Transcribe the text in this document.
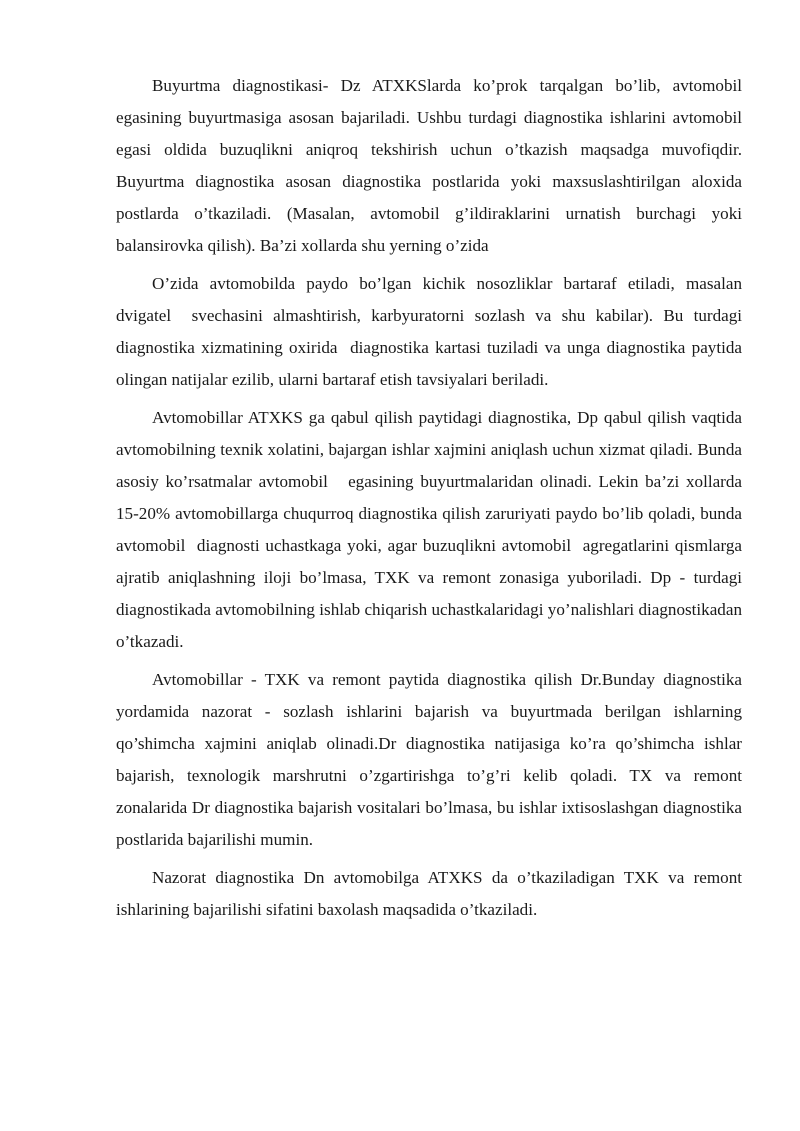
Buyurtma diagnostikasi- Dz ATXKSlarda ko’prok tarqalgan bo’lib, avtomobil  egasining buyurtmasiga asosan bajariladi. Ushbu turdagi diagnostika ishlarini avtomobil  egasi oldida buzuqlikni aniqroq tekshirish uchun o’tkazish maqsadga muvofiqdir. Buyurtma diagnostika asosan diagnostika postlarida yoki maxsuslashtirilgan aloxida postlarda o’tkaziladi. (Masalan, avtomobil g’ildiraklarini urnatish burchagi yoki balansirovka qilish). Ba’zi xollarda shu yerning o’zida

O’zida avtomobilda paydo bo’lgan kichik nosozliklar bartaraf etiladi, masalan dvigatel  svechasini almashtirish, karbyuratorni sozlash va shu kabilar). Bu turdagi diagnostika xizmatining oxirida  diagnostika kartasi tuziladi va unga diagnostika paytida olingan natijalar ezilib, ularni bartaraf etish tavsiyalari beriladi.

Avtomobillar ATXKS ga qabul qilish paytidagi diagnostika, Dp qabul qilish vaqtida avtomobilning texnik xolatini, bajargan ishlar xajmini aniqlash uchun xizmat qiladi. Bunda asosiy ko’rsatmalar avtomobil   egasining buyurtmalaridan olinadi. Lekin ba’zi xollarda 15-20% avtomobillarga chuqurroq diagnostika qilish zaruriyati paydo bo’lib qoladi, bunda avtomobil  diagnosti uchastkaga yoki, agar buzuqlikni avtomobil  agregatlarini qismlarga ajratib aniqlashning iloji bo’lmasa, TXK va remont zonasiga yuboriladi. Dp - turdagi diagnostikada avtomobilning ishlab chiqarish uchastkalaridagi yo’nalishlari diagnostikadan o’tkazadi.

Avtomobillar - TXK va remont paytida diagnostika qilish Dr.Bunday diagnostika yordamida nazorat - sozlash ishlarini bajarish va buyurtmada berilgan ishlarning qo’shimcha xajmini aniqlab olinadi.Dr diagnostika natijasiga ko’ra qo’shimcha ishlar bajarish, texnologik marshrutni o’zgartirishga to’g’ri kelib qoladi. TX va remont zonalarida Dr diagnostika bajarish vositalari bo’lmasa, bu ishlar ixtisoslashgan diagnostika postlarida bajarilishi mumin.

Nazorat diagnostika Dn avtomobilga ATXKS da o’tkaziladigan TXK va remont ishlarining bajarilishi sifatini baxolash maqsadida o’tkaziladi.
